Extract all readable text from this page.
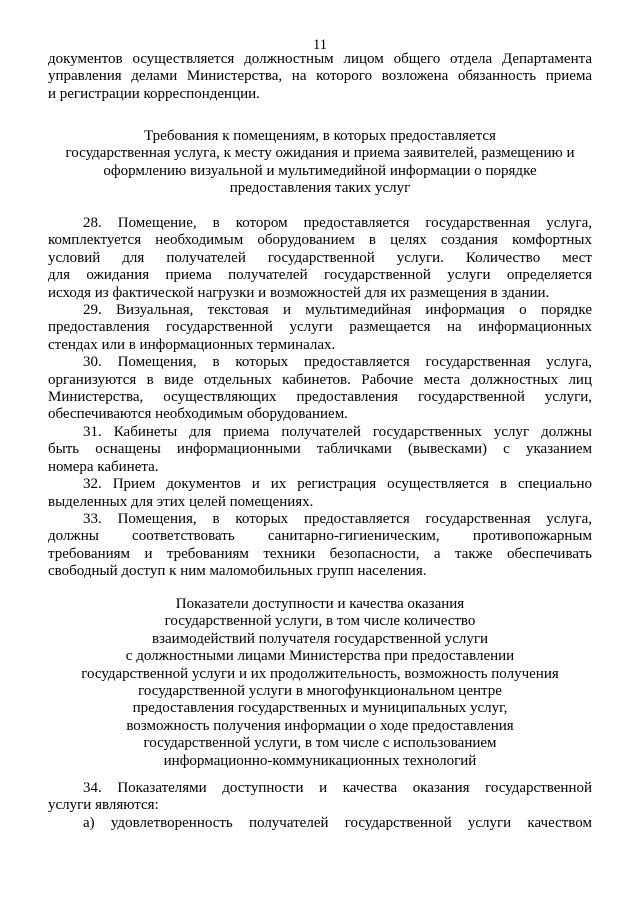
11

документов осуществляется должностным лицом общего отдела Департамента

управления делами Министерства, на которого возложена обязанность приема

и регистрации корреспонденции.

Требования к помещениям, в которых предоставляется
государственная услуга, к месту ожидания и приема заявителей, размещению и
оформлению визуальной и мультимедийной информации о порядке
предоставления таких услуг

28. Помещение, в котором предоставляется государственная услуга,

комплектуется необходимым оборудованием в целях создания комфортных

условий для получателей государственной услуги. Количество мест

для ожидания приема получателей государственной услуги определяется

исходя из фактической нагрузки и возможностей для их размещения в здании.

29. Визуальная, текстовая и мультимедийная информация о порядке

предоставления государственной услуги размещается на информационных

стендах или в информационных терминалах.

30. Помещения, в которых предоставляется государственная услуга,

организуются в виде отдельных кабинетов. Рабочие места должностных лиц

Министерства, осуществляющих предоставления государственной услуги,

обеспечиваются необходимым оборудованием.

31. Кабинеты для приема получателей государственных услуг должны

быть оснащены информационными табличками (вывесками) с указанием

номера кабинета.

32. Прием документов и их регистрация осуществляется в специально

выделенных для этих целей помещениях.

33. Помещения, в которых предоставляется государственная услуга,

должны соответствовать санитарно-гигиеническим, противопожарным

требованиям и требованиям техники безопасности, а также обеспечивать

свободный доступ к ним маломобильных групп населения.

Показатели доступности и качества оказания
государственной услуги, в том числе количество
взаимодействий получателя государственной услуги
с должностными лицами Министерства при предоставлении
государственной услуги и их продолжительность, возможность получения
государственной услуги в многофункциональном центре
предоставления государственных и муниципальных услуг,
возможность получения информации о ходе предоставления
государственной услуги, в том числе с использованием
информационно-коммуникационных технологий

34. Показателями доступности и качества оказания государственной

услуги являются:

а) удовлетворенность получателей государственной услуги качеством
